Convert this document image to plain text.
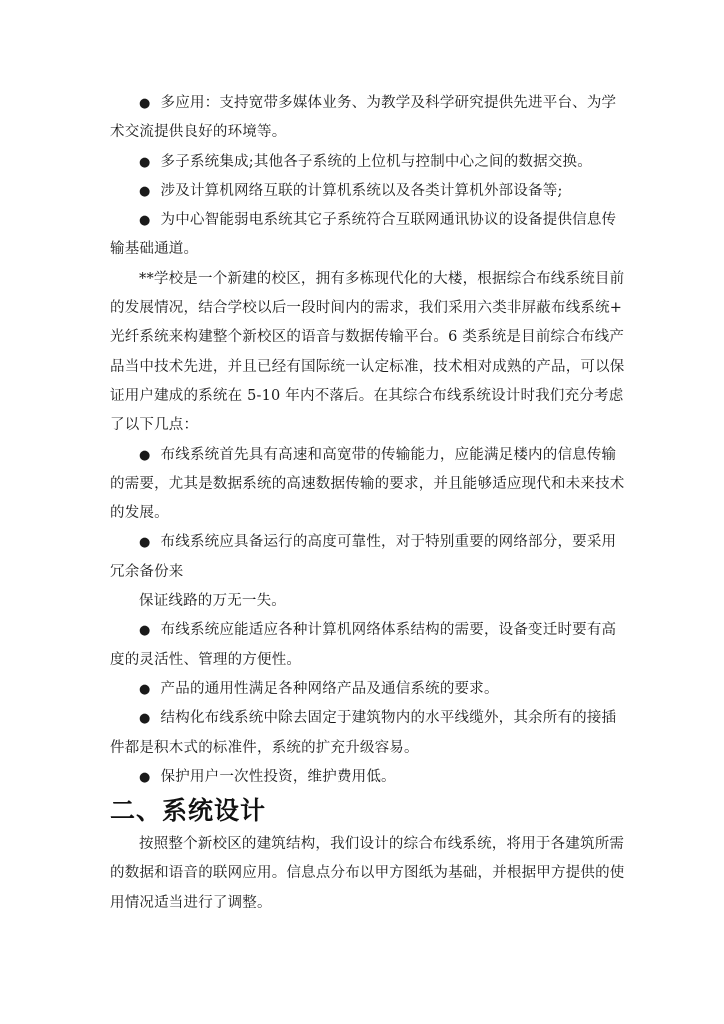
● 多应用：支持宽带多媒体业务、为教学及科学研究提供先进平台、为学
术交流提供良好的环境等。
● 多子系统集成;其他各子系统的上位机与控制中心之间的数据交换。
● 涉及计算机网络互联的计算机系统以及各类计算机外部设备等;
● 为中心智能弱电系统其它子系统符合互联网通讯协议的设备提供信息传
输基础通道。
**学校是一个新建的校区，拥有多栋现代化的大楼，根据综合布线系统目前
的发展情况，结合学校以后一段时间内的需求，我们采用六类非屏蔽布线系统+
光纤系统来构建整个新校区的语音与数据传输平台。6 类系统是目前综合布线产
品当中技术先进，并且已经有国际统一认定标准，技术相对成熟的产品，可以保
证用户建成的系统在 5-10 年内不落后。在其综合布线系统设计时我们充分考虑
了以下几点：
● 布线系统首先具有高速和高宽带的传输能力，应能满足楼内的信息传输
的需要，尤其是数据系统的高速数据传输的要求，并且能够适应现代和未来技术
的发展。
● 布线系统应具备运行的高度可靠性，对于特别重要的网络部分，要采用
冗余备份来
保证线路的万无一失。
● 布线系统应能适应各种计算机网络体系结构的需要，设备变迁时要有高
度的灵活性、管理的方便性。
● 产品的通用性满足各种网络产品及通信系统的要求。
● 结构化布线系统中除去固定于建筑物内的水平线缆外，其余所有的接插
件都是积木式的标准件，系统的扩充升级容易。
● 保护用户一次性投资，维护费用低。
二、系统设计
按照整个新校区的建筑结构，我们设计的综合布线系统，将用于各建筑所需
的数据和语音的联网应用。信息点分布以甲方图纸为基础，并根据甲方提供的使
用情况适当进行了调整。
